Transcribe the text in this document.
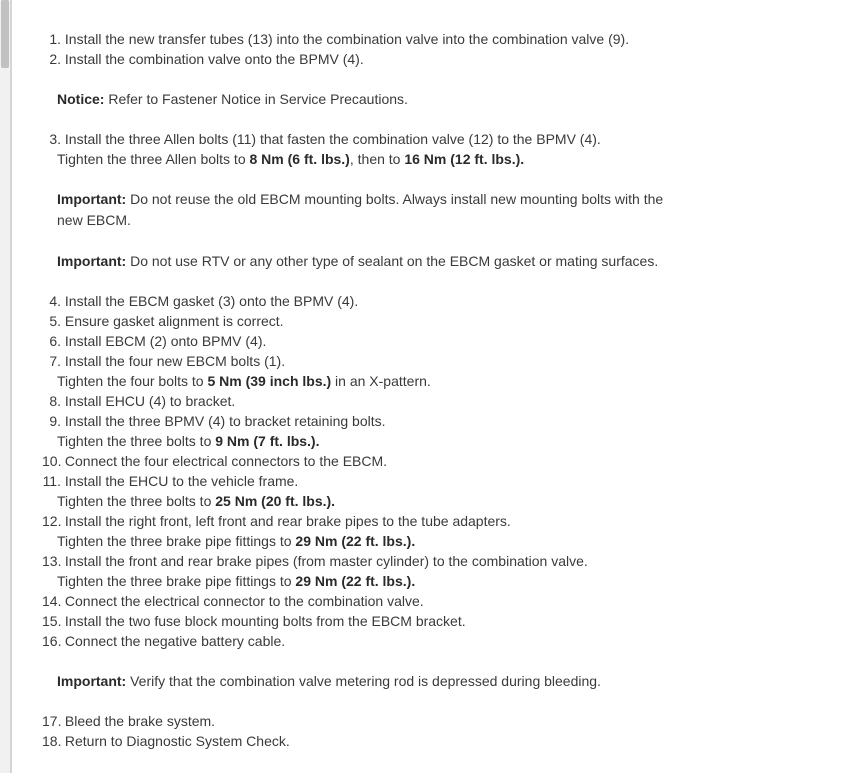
1.
Install the new transfer tubes (13) into the combination valve into the combination valve (9).
2.
Install the combination valve onto the BPMV (4).
Notice: Refer to Fastener Notice in Service Precautions.
3.
Install the three Allen bolts (11) that fasten the combination valve (12) to the BPMV (4).
Tighten the three Allen bolts to 8 Nm (6 ft. lbs.), then to 16 Nm (12 ft. lbs.).
Important: Do not reuse the old EBCM mounting bolts. Always install new mounting bolts with the new EBCM.
Important: Do not use RTV or any other type of sealant on the EBCM gasket or mating surfaces.
4.
Install the EBCM gasket (3) onto the BPMV (4).
5.
Ensure gasket alignment is correct.
6.
Install EBCM (2) onto BPMV (4).
7.
Install the four new EBCM bolts (1).
Tighten the four bolts to 5 Nm (39 inch lbs.) in an X-pattern.
8.
Install EHCU (4) to bracket.
9.
Install the three BPMV (4) to bracket retaining bolts.
Tighten the three bolts to 9 Nm (7 ft. lbs.).
10.
Connect the four electrical connectors to the EBCM.
11.
Install the EHCU to the vehicle frame.
Tighten the three bolts to 25 Nm (20 ft. lbs.).
12.
Install the right front, left front and rear brake pipes to the tube adapters.
Tighten the three brake pipe fittings to 29 Nm (22 ft. lbs.).
13.
Install the front and rear brake pipes (from master cylinder) to the combination valve.
Tighten the three brake pipe fittings to 29 Nm (22 ft. lbs.).
14.
Connect the electrical connector to the combination valve.
15.
Install the two fuse block mounting bolts from the EBCM bracket.
16.
Connect the negative battery cable.
Important: Verify that the combination valve metering rod is depressed during bleeding.
17.
Bleed the brake system.
18.
Return to Diagnostic System Check.
